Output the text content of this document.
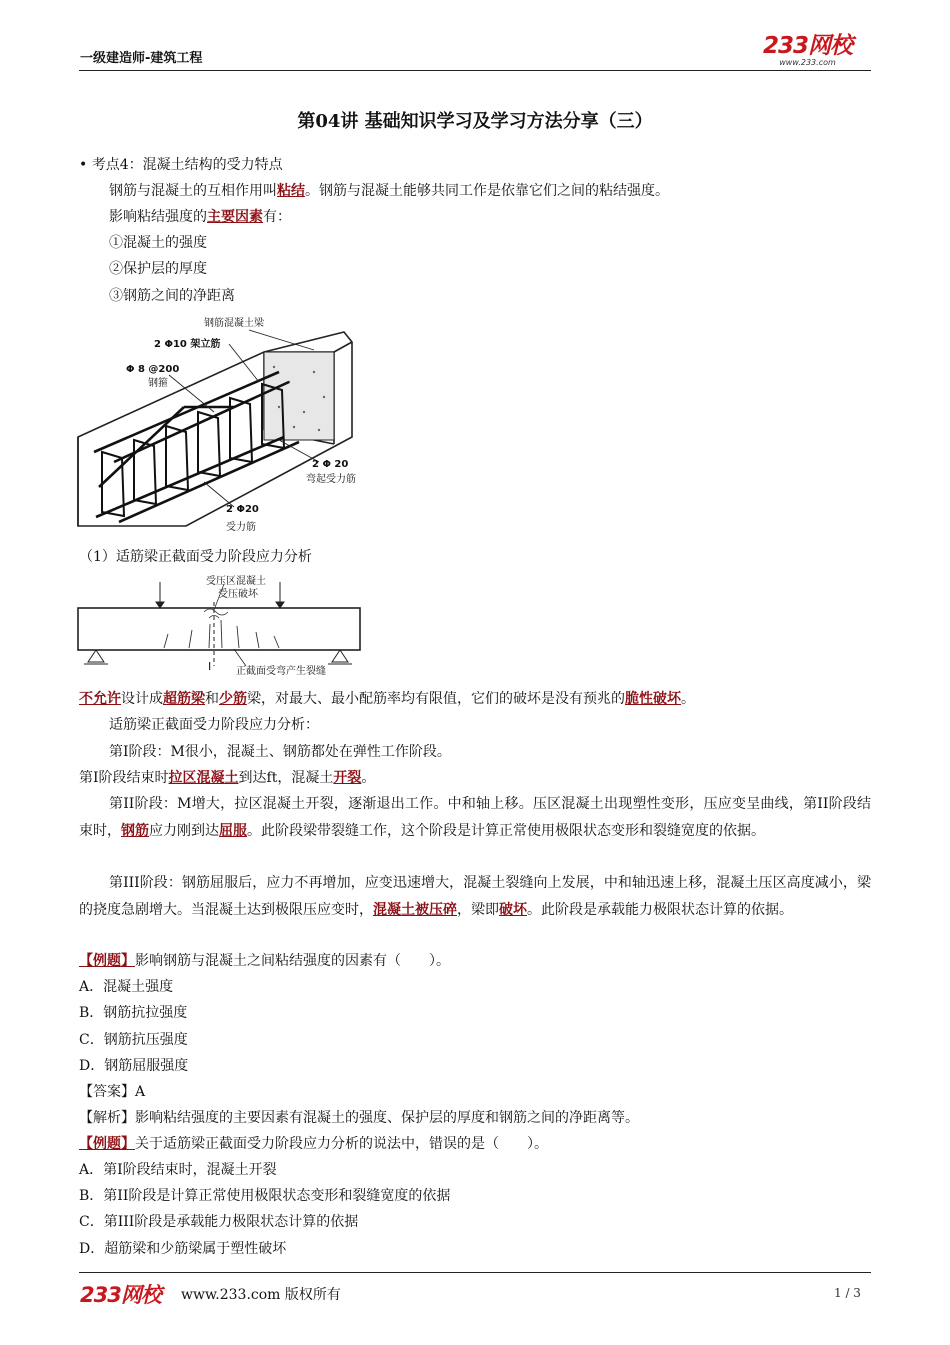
一级建造师-建筑工程	233网校
www.233.com
第04讲 基础知识学习及学习方法分享（三）
• 考点4：混凝土结构的受力特点
钢筋与混凝土的互相作用叫粘结。钢筋与混凝土能够共同工作是依靠它们之间的粘结强度。
影响粘结强度的主要因素有：
①混凝土的强度
②保护层的厚度
③钢筋之间的净距离
钢筋混凝土梁
2 Φ10 架立筋
Φ 8 @200
钢箍
2 Φ 20
弯起受力筋
2 Φ20
受力筋
（1）适筋梁正截面受力阶段应力分析
I
受压区混凝土
受压破坏
正截面受弯产生裂缝
不允许设计成超筋梁和少筋梁，对最大、最小配筋率均有限值，它们的破坏是没有预兆的脆性破坏。
适筋梁正截面受力阶段应力分析：
第I阶段：M很小，混凝土、钢筋都处在弹性工作阶段。
第I阶段结束时拉区混凝土到达ft，混凝土开裂。
第II阶段：M增大，拉区混凝土开裂，逐渐退出工作。中和轴上移。压区混凝土出现塑性变形，压应变呈曲线，第II阶段结束时，钢筋应力刚到达屈服。此阶段梁带裂缝工作，这个阶段是计算正常使用极限状态变形和裂缝宽度的依据。
第III阶段：钢筋屈服后，应力不再增加，应变迅速增大，混凝土裂缝向上发展，中和轴迅速上移，混凝土压区高度减小，梁的挠度急剧增大。当混凝土达到极限压应变时，混凝土被压碎，梁即破坏。此阶段是承载能力极限状态计算的依据。
【例题】影响钢筋与混凝土之间粘结强度的因素有（　　）。
A．混凝土强度
B．钢筋抗拉强度
C．钢筋抗压强度
D．钢筋屈服强度
【答案】A
【解析】影响粘结强度的主要因素有混凝土的强度、保护层的厚度和钢筋之间的净距离等。
【例题】关于适筋梁正截面受力阶段应力分析的说法中，错误的是（　　）。
A．第I阶段结束时，混凝土开裂
B．第II阶段是计算正常使用极限状态变形和裂缝宽度的依据
C．第III阶段是承载能力极限状态计算的依据
D．超筋梁和少筋梁属于塑性破坏
233网校 www.233.com 版权所有	1 / 3
